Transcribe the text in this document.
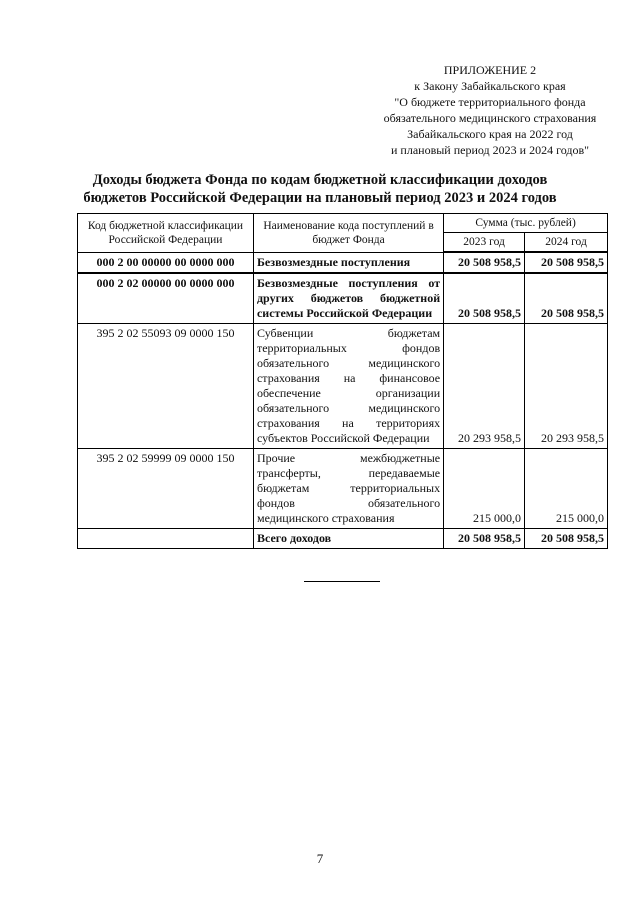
ПРИЛОЖЕНИЕ 2
к Закону Забайкальского края
"О бюджете территориального фонда
обязательного медицинского страхования
Забайкальского края на 2022 год
и плановый период 2023 и 2024 годов"
Доходы бюджета Фонда по кодам бюджетной классификации доходов
бюджетов Российской Федерации на плановый период 2023 и 2024 годов
Код бюджетной классификации Российской Федерации	Наименование кода поступлений в бюджет Фонда	Сумма (тыс. рублей)	
		2023 год	2024 год
000 2 00 00000 00 0000 000	Безвозмездные поступления	20 508 958,5	20 508 958,5
000 2 02 00000 00 0000 000	Безвозмездные поступления от других бюджетов бюджетной системы Российской Федерации	20 508 958,5	20 508 958,5
395 2 02 55093 09 0000 150	Субвенции бюджетам территориальных фондов обязательного медицинского страхования на финансовое обеспечение организации обязательного медицинского страхования на территориях субъектов Российской Федерации	20 293 958,5	20 293 958,5
395 2 02 59999 09 0000 150	Прочие межбюджетные трансферты, передаваемые бюджетам территориальных фондов обязательного медицинского страхования	215 000,0	215 000,0
	Всего доходов	20 508 958,5	20 508 958,5
7
